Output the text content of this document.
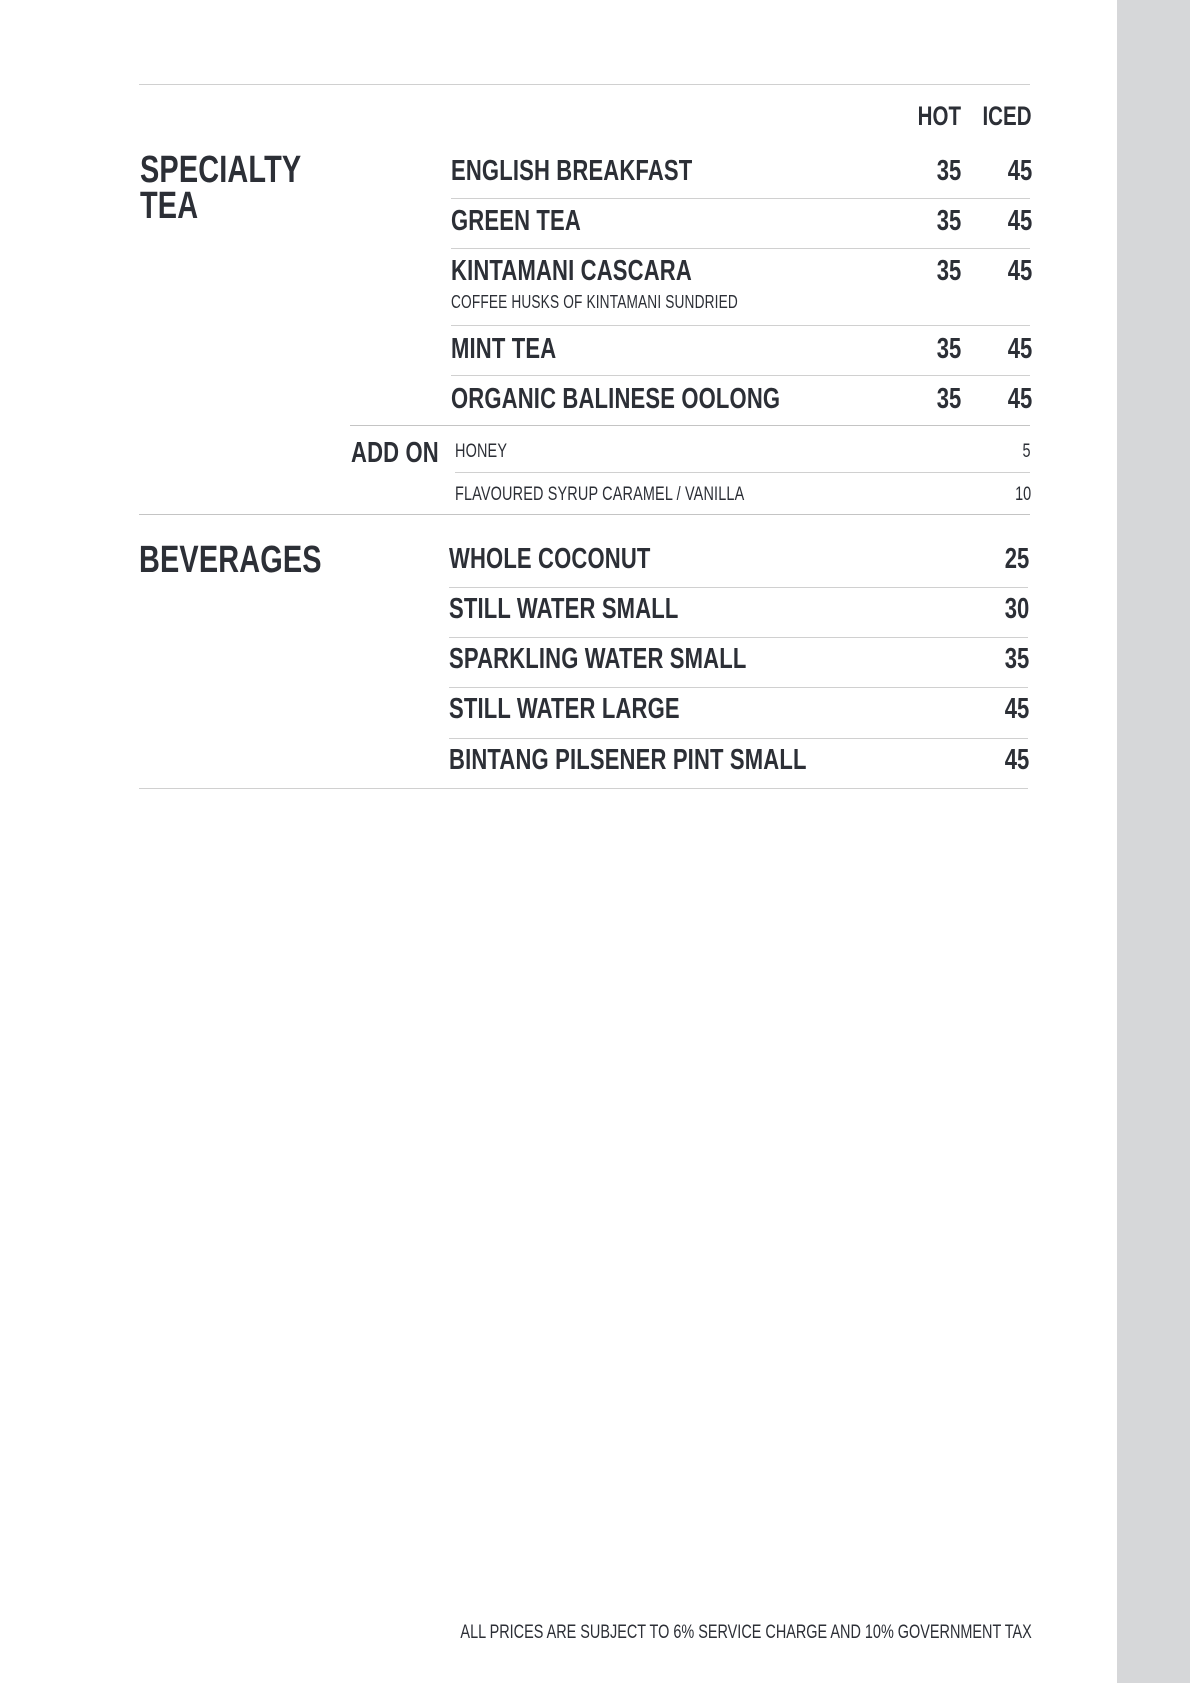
HOT ICED
SPECIALTY
TEA
ENGLISH BREAKFAST	35 45
GREEN TEA	35 45
KINTAMANI CASCARA	35 45
COFFEE HUSKS OF KINTAMANI SUNDRIED
MINT TEA	35 45
ORGANIC BALINESE OOLONG	35 45
ADD ON HONEY	5
FLAVOURED SYRUP CARAMEL / VANILLA	10
BEVERAGES	WHOLE COCONUT	25
STILL WATER SMALL	30
SPARKLING WATER SMALL	35
STILL WATER LARGE	45
BINTANG PILSENER PINT SMALL	45
ALL PRICES ARE SUBJECT TO 6% SERVICE CHARGE AND 10% GOVERNMENT TAX
